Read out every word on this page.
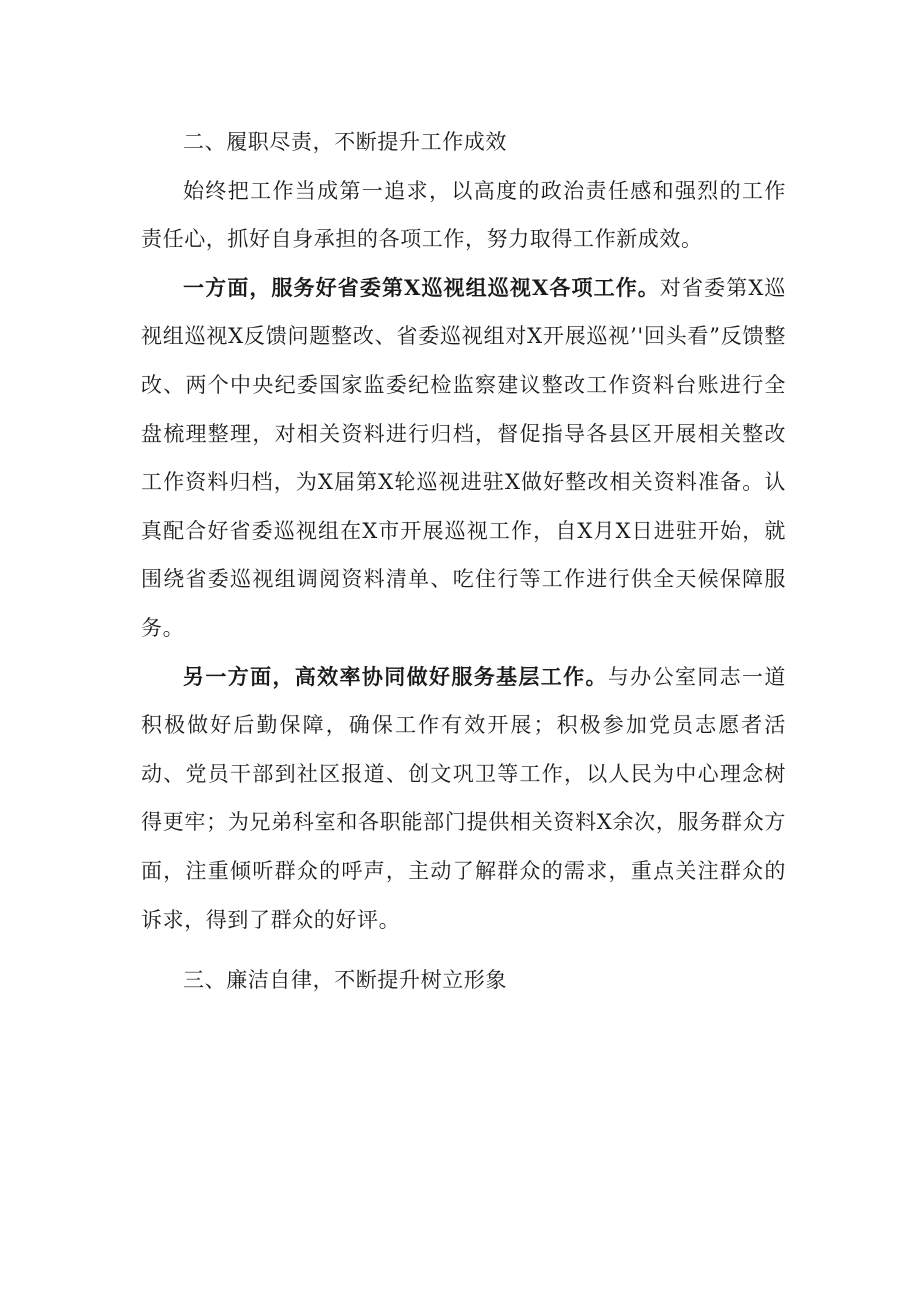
二、履职尽责，不断提升工作成效

始终把工作当成第一追求，以高度的政治责任感和强烈的工作责任心，抓好自身承担的各项工作，努力取得工作新成效。

一方面，服务好省委第X巡视组巡视X各项工作。对省委第X巡视组巡视X反馈问题整改、省委巡视组对X开展巡视’'回头看”反馈整改、两个中央纪委国家监委纪检监察建议整改工作资料台账进行全盘梳理整理，对相关资料进行归档，督促指导各县区开展相关整改工作资料归档，为X届第X轮巡视进驻X做好整改相关资料准备。认真配合好省委巡视组在X市开展巡视工作，自X月X日进驻开始，就围绕省委巡视组调阅资料清单、吃住行等工作进行供全天候保障服务。

另一方面，高效率协同做好服务基层工作。与办公室同志一道积极做好后勤保障，确保工作有效开展；积极参加党员志愿者活动、党员干部到社区报道、创文巩卫等工作，以人民为中心理念树得更牢；为兄弟科室和各职能部门提供相关资料X余次，服务群众方面，注重倾听群众的呼声，主动了解群众的需求，重点关注群众的诉求，得到了群众的好评。

三、廉洁自律，不断提升树立形象
